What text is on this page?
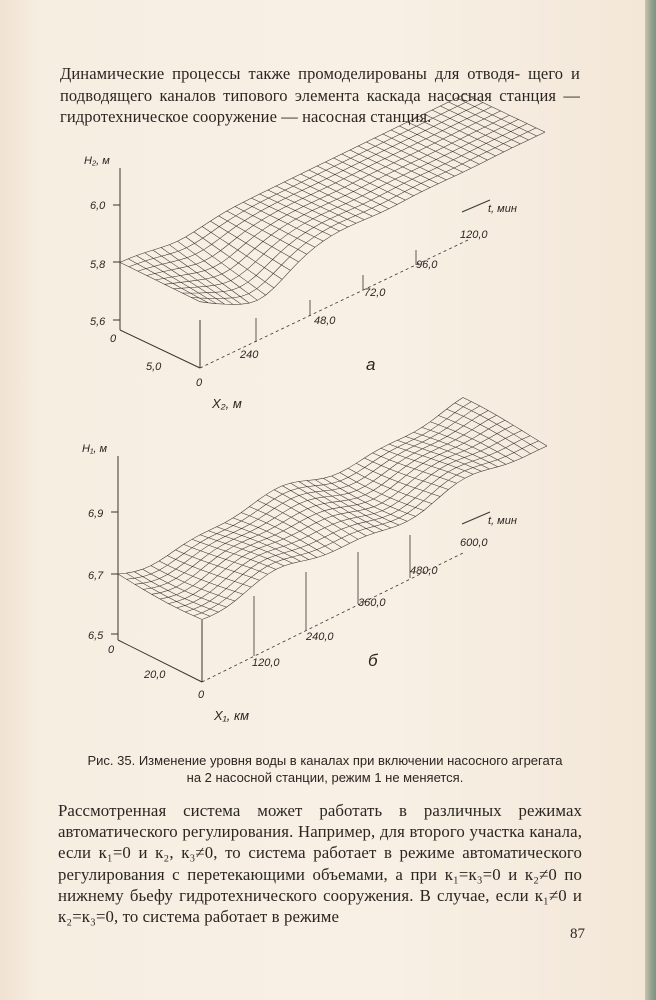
Динамические процессы также промоделированы для отводя- щего и подводящего каналов типового элемента каскада насосная станция — гидротехническое сооружение — насосная станция.

H₂, м
6,0
5,8
5,6
0
5,0
0
X₂, м
t, мин
240
48,0
72,0
96,0
120,0
а
H₁, м
6,9
6,7
6,5
0
20,0
0
X₁, км
t, мин
120,0
240,0
360,0
480,0
600,0
б
Рис. 35. Изменение уровня воды в каналах при включении насосного агрегата
на 2 насосной станции, режим 1 не меняется.

Рассмотренная система может работать в различных режимах автоматического регулирования. Например, для второго участка канала, если к₁=0 и к₂, к₃≠0, то система работает в режиме автоматического регулирования с перетекающими объемами, а при к₁=к₃=0 и к₂≠0 по нижнему бьефу гидротехнического сооружения. В случае, если к₁≠0 и к₂=к₃=0, то система работает в режиме

87
